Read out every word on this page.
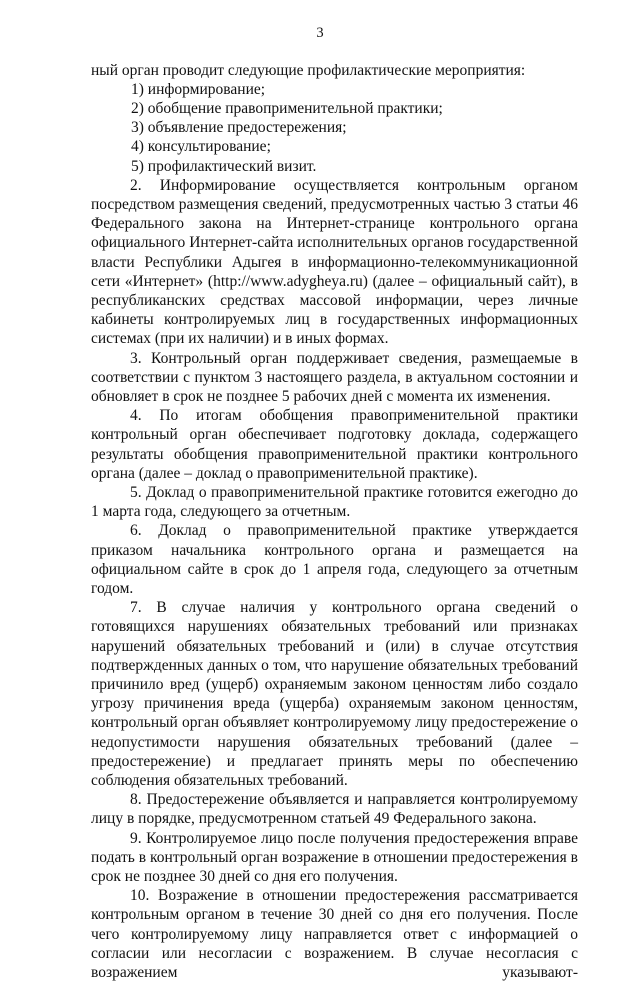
3

ный орган проводит следующие профилактические мероприятия:

1) информирование;
2) обобщение правоприменительной практики;
3) объявление предостережения;
4) консультирование;
5) профилактический визит.

2. Информирование осуществляется контрольным органом посредством размещения сведений, предусмотренных частью 3 статьи 46 Федерального закона на Интернет-странице контрольного органа официального Интернет-сайта исполнительных органов государственной власти Республики Адыгея в информационно-телекоммуникационной сети «Интернет» (http://www.adygheya.ru) (далее – официальный сайт), в республиканских средствах массовой информации, через личные кабинеты контролируемых лиц в государственных информационных системах (при их наличии) и в иных формах.

3. Контрольный орган поддерживает сведения, размещаемые в соответствии с пунктом 3 настоящего раздела, в актуальном состоянии и обновляет в срок не позднее 5 рабочих дней с момента их изменения.

4. По итогам обобщения правоприменительной практики контрольный орган обеспечивает подготовку доклада, содержащего результаты обобщения правоприменительной практики контрольного органа (далее – доклад о правоприменительной практике).

5. Доклад о правоприменительной практике готовится ежегодно до 1 марта года, следующего за отчетным.

6. Доклад о правоприменительной практике утверждается приказом начальника контрольного органа и размещается на официальном сайте в срок до 1 апреля года, следующего за отчетным годом.

7. В случае наличия у контрольного органа сведений о готовящихся нарушениях обязательных требований или признаках нарушений обязательных требований и (или) в случае отсутствия подтвержденных данных о том, что нарушение обязательных требований причинило вред (ущерб) охраняемым законом ценностям либо создало угрозу причинения вреда (ущерба) охраняемым законом ценностям, контрольный орган объявляет контролируемому лицу предостережение о недопустимости нарушения обязательных требований (далее – предостережение) и предлагает принять меры по обеспечению соблюдения обязательных требований.

8. Предостережение объявляется и направляется контролируемому лицу в порядке, предусмотренном статьей 49 Федерального закона.

9. Контролируемое лицо после получения предостережения вправе подать в контрольный орган возражение в отношении предостережения в срок не позднее 30 дней со дня его получения.

10. Возражение в отношении предостережения рассматривается контрольным органом в течение 30 дней со дня его получения. После чего контролируемому лицу направляется ответ с информацией о согласии или несогласии с возражением. В случае несогласия с возражением указывают-
